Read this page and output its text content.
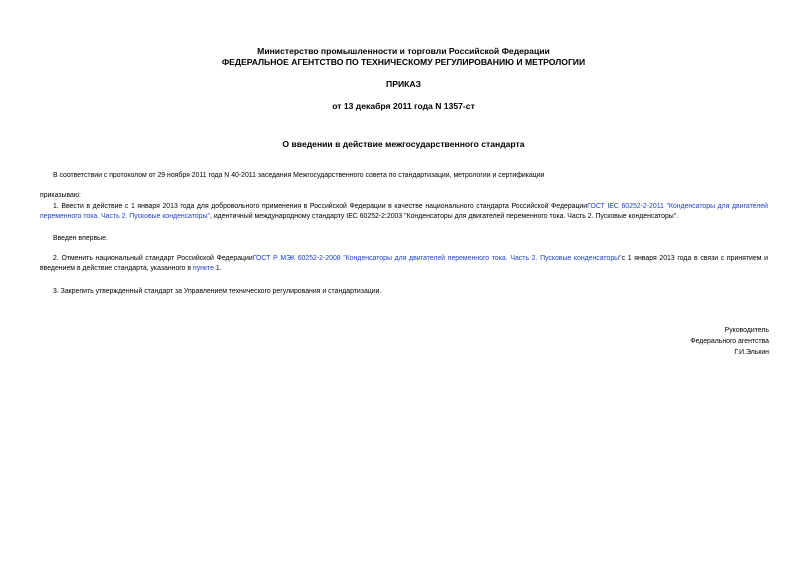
Министерство промышленности и торговли Российской Федерации
ФЕДЕРАЛЬНОЕ АГЕНТСТВО ПО ТЕХНИЧЕСКОМУ РЕГУЛИРОВАНИЮ И МЕТРОЛОГИИ
ПРИКАЗ
от 13 декабря 2011 года N 1357-ст
О введении в действие межгосударственного стандарта
В соответствии с протоколом от 29 ноября 2011 года N 40-2011 заседания Межгосударственного совета по стандартизации, метрологии и сертификации
приказываю:
1. Ввести в действие с 1 января 2013 года для добровольного применения в Российской Федерации в качестве национального стандарта Российской ФедерацииГОСТ IEC 60252-2-2011 "Конденсаторы для двигателей переменного тока. Часть 2. Пусковые конденсаторы", идентичный международному стандарту IEC 60252-2:2003 "Конденсаторы для двигателей переменного тока. Часть 2. Пусковые конденсаторы".
Введен впервые.
2. Отменить национальный стандарт Российской ФедерацииГОСТ Р МЭК 60252-2-2008 "Конденсаторы для двигателей переменного тока. Часть 2. Пусковые конденсаторы"с 1 января 2013 года в связи с принятием и введением в действие стандарта, указанного в пункте 1.
3. Закрепить утвержденный стандарт за Управлением технического регулирования и стандартизации.
Руководитель
Федерального агентства
Г.И.Элькин
